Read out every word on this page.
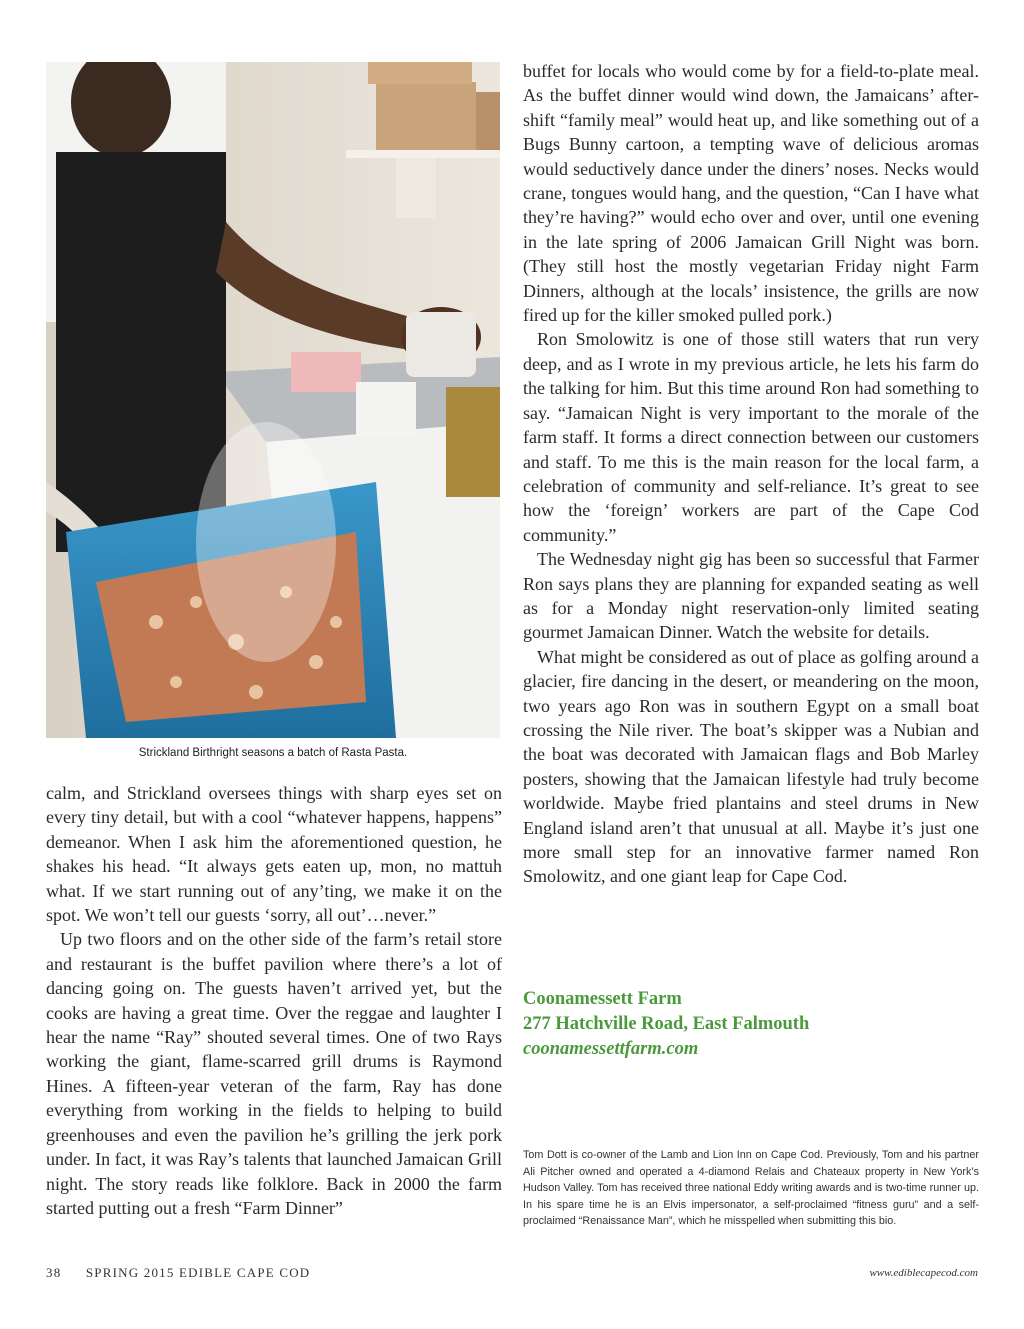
Strickland Birthright seasons a batch of Rasta Pasta.

calm, and Strickland oversees things with sharp eyes set on every tiny detail, but with a cool “whatever happens, happens” demeanor. When I ask him the aforementioned question, he shakes his head. “It always gets eaten up, mon, no mattuh what. If we start running out of any’ting, we make it on the spot. We won’t tell our guests ‘sorry, all out’…never.”

Up two floors and on the other side of the farm’s retail store and restaurant is the buffet pavilion where there’s a lot of dancing going on. The guests haven’t arrived yet, but the cooks are having a great time. Over the reggae and laughter I hear the name “Ray” shouted several times. One of two Rays working the giant, flame-scarred grill drums is Raymond Hines. A fifteen-year veteran of the farm, Ray has done everything from working in the fields to helping to build greenhouses and even the pavilion he’s grilling the jerk pork under. In fact, it was Ray’s talents that launched Jamaican Grill night. The story reads like folklore. Back in 2000 the farm started putting out a fresh “Farm Dinner”

buffet for locals who would come by for a field-to-plate meal. As the buffet dinner would wind down, the Jamaicans’ after-shift “family meal” would heat up, and like something out of a Bugs Bunny cartoon, a tempting wave of delicious aromas would seductively dance under the diners’ noses. Necks would crane, tongues would hang, and the question, “Can I have what they’re having?” would echo over and over, until one evening in the late spring of 2006 Jamaican Grill Night was born. (They still host the mostly vegetarian Friday night Farm Dinners, although at the locals’ insistence, the grills are now fired up for the killer smoked pulled pork.)

Ron Smolowitz is one of those still waters that run very deep, and as I wrote in my previous article, he lets his farm do the talking for him. But this time around Ron had something to say. “Jamaican Night is very important to the morale of the farm staff. It forms a direct connection between our customers and staff. To me this is the main reason for the local farm, a celebration of community and self-reliance. It’s great to see how the ‘foreign’ workers are part of the Cape Cod community.”

The Wednesday night gig has been so successful that Farmer Ron says plans they are planning for expanded seating as well as for a Monday night reservation-only limited seating gourmet Jamaican Dinner. Watch the website for details.

What might be considered as out of place as golfing around a glacier, fire dancing in the desert, or meandering on the moon, two years ago Ron was in southern Egypt on a small boat crossing the Nile river. The boat’s skipper was a Nubian and the boat was decorated with Jamaican flags and Bob Marley posters, showing that the Jamaican lifestyle had truly become worldwide. Maybe fried plantains and steel drums in New England island aren’t that unusual at all. Maybe it’s just one more small step for an innovative farmer named Ron Smolowitz, and one giant leap for Cape Cod.

Coonamessett Farm
277 Hatchville Road, East Falmouth
coonamessettfarm.com
Tom Dott is co-owner of the Lamb and Lion Inn on Cape Cod. Previously, Tom and his partner Ali Pitcher owned and operated a 4-diamond Relais and Chateaux property in New York’s Hudson Valley. Tom has received three national Eddy writing awards and is two-time runner up. In his spare time he is an Elvis impersonator, a self-proclaimed “fitness guru” and a self-proclaimed “Renaissance Man”, which he misspelled when submitting this bio.
38 SPRING 2015 EDIBLE CAPE COD	www.ediblecapecod.com
